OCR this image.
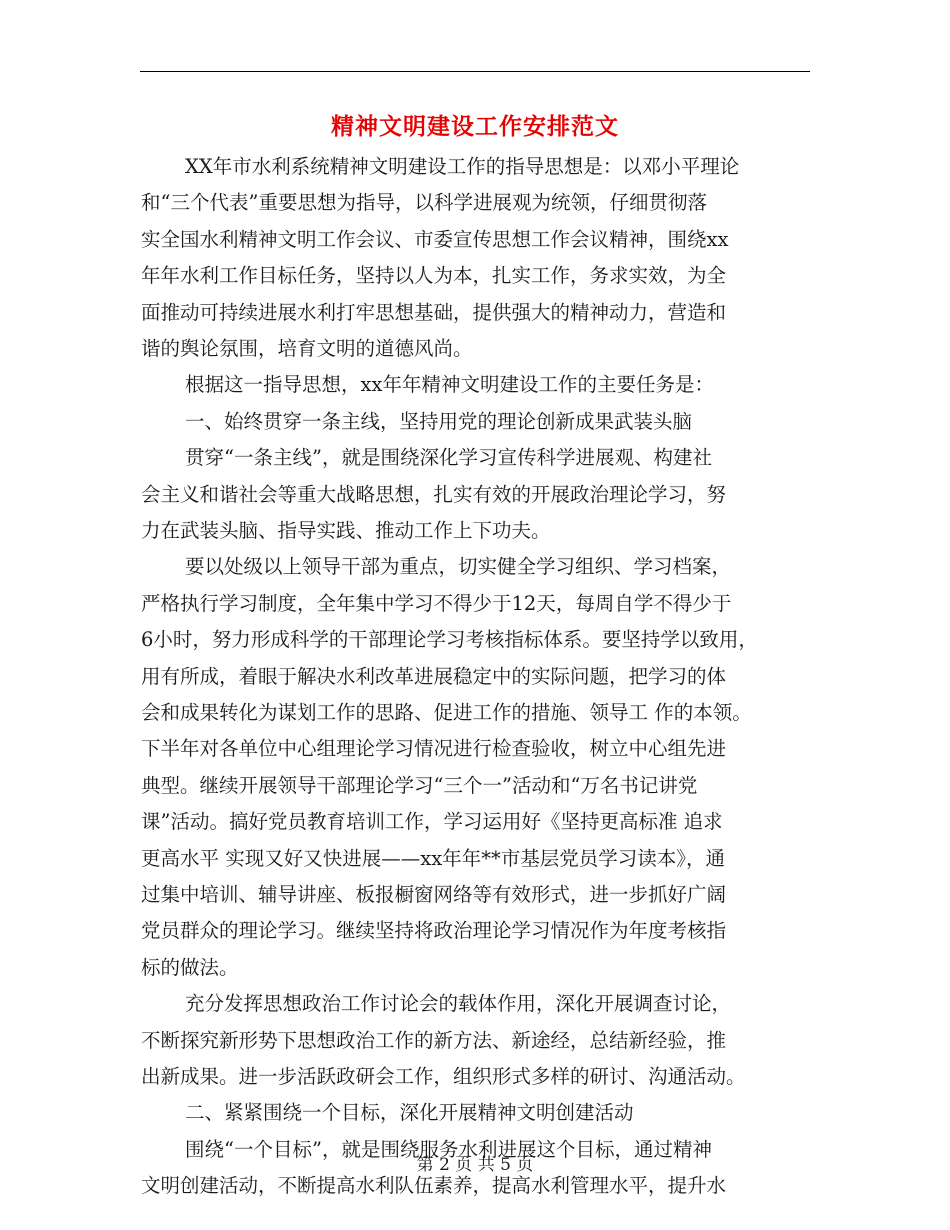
精神文明建设工作安排范文
XX年市水利系统精神文明建设工作的指导思想是：以邓小平理论
和“三个代表”重要思想为指导，以科学进展观为统领，仔细贯彻落
实全国水利精神文明工作会议、市委宣传思想工作会议精神，围绕xx
年年水利工作目标任务，坚持以人为本，扎实工作，务求实效，为全
面推动可持续进展水利打牢思想基础，提供强大的精神动力，营造和
谐的舆论氛围，培育文明的道德风尚。
根据这一指导思想，xx年年精神文明建设工作的主要任务是：
一、始终贯穿一条主线，坚持用党的理论创新成果武装头脑
贯穿“一条主线”，就是围绕深化学习宣传科学进展观、构建社
会主义和谐社会等重大战略思想，扎实有效的开展政治理论学习，努
力在武装头脑、指导实践、推动工作上下功夫。
要以处级以上领导干部为重点，切实健全学习组织、学习档案，
严格执行学习制度，全年集中学习不得少于12天，每周自学不得少于
6小时，努力形成科学的干部理论学习考核指标体系。要坚持学以致用，
用有所成，着眼于解决水利改革进展稳定中的实际问题，把学习的体
会和成果转化为谋划工作的思路、促进工作的措施、领导工 作的本领。
下半年对各单位中心组理论学习情况进行检查验收，树立中心组先进
典型。继续开展领导干部理论学习“三个一”活动和“万名书记讲党
课”活动。搞好党员教育培训工作，学习运用好《坚持更高标准 追求
更高水平 实现又好又快进展——xx年年**市基层党员学习读本》，通
过集中培训、辅导讲座、板报橱窗网络等有效形式，进一步抓好广阔
党员群众的理论学习。继续坚持将政治理论学习情况作为年度考核指
标的做法。
充分发挥思想政治工作讨论会的载体作用，深化开展调查讨论，
不断探究新形势下思想政治工作的新方法、新途经，总结新经验，推
出新成果。进一步活跃政研会工作，组织形式多样的研讨、沟通活动。
二、紧紧围绕一个目标，深化开展精神文明创建活动
围绕“一个目标”，就是围绕服务水利进展这个目标，通过精神
文明创建活动，不断提高水利队伍素养，提高水利管理水平，提升水
第 2 页 共 5 页
